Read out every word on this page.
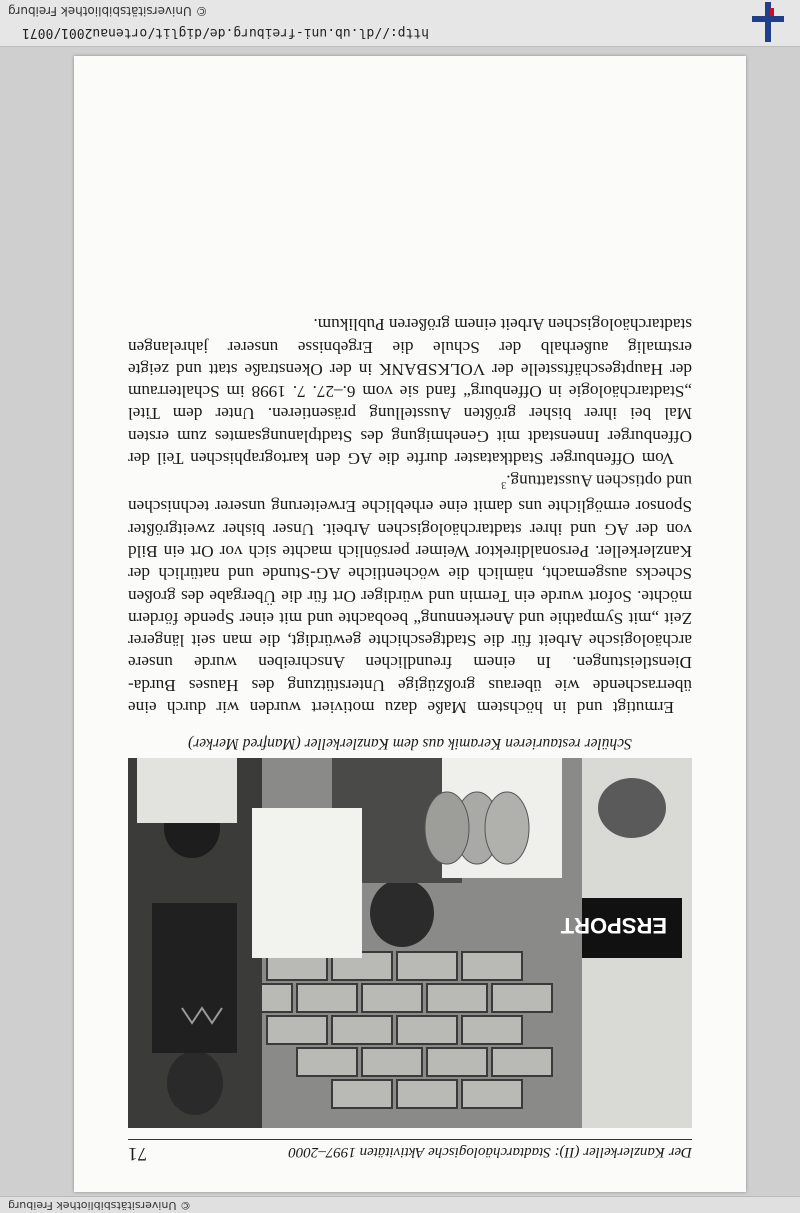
http://dl.ub.uni-freiburg.de/diglit/ortenau2001/0071
© Universitätsbibliothek Freiburg
Der Kanzlerkeller (II): Stadtarchäologische Aktivitäten 1997–2000
71
ERSPORT
Schüler restaurieren Keramik aus dem Kanzlerkeller (Manfred Merker)

Ermutigt und in höchstem Maße dazu motiviert wurden wir durch eine überraschende wie überaus großzügige Unterstützung des Hauses Burda-Dienstleistungen. In einem freundlichen Anschreiben wurde unsere archäologische Arbeit für die Stadtgeschichte gewürdigt, die man seit längerer Zeit „mit Sympathie und Anerkennung“ beobachte und mit einer Spende fördern möchte. Sofort wurde ein Termin und würdiger Ort für die Übergabe des großen Schecks ausgemacht, nämlich die wöchentliche AG-Stunde und natürlich der Kanzlerkeller. Personaldirektor Weimer persönlich machte sich vor Ort ein Bild von der AG und ihrer stadtarchäologischen Arbeit. Unser bisher zweitgrößter Sponsor ermöglichte uns damit eine erhebliche Erweiterung unserer technischen und optischen Ausstattung.$^3$

Vom Offenburger Stadtkataster durfte die AG den kartographischen Teil der Offenburger Innenstadt mit Genehmigung des Stadtplanungsamtes zum ersten Mal bei ihrer bisher größten Ausstellung präsentieren. Unter dem Titel „Stadtarchäologie in Offenburg“ fand sie vom 6.–27. 7. 1998 im Schalterraum der Hauptgeschäftsstelle der VOLKSBANK in der Okenstraße statt und zeigte erstmalig außerhalb der Schule die Ergebnisse unserer jahrelangen stadtarchäologischen Arbeit einem größeren Publikum.

© Universitätsbibliothek Freiburg
